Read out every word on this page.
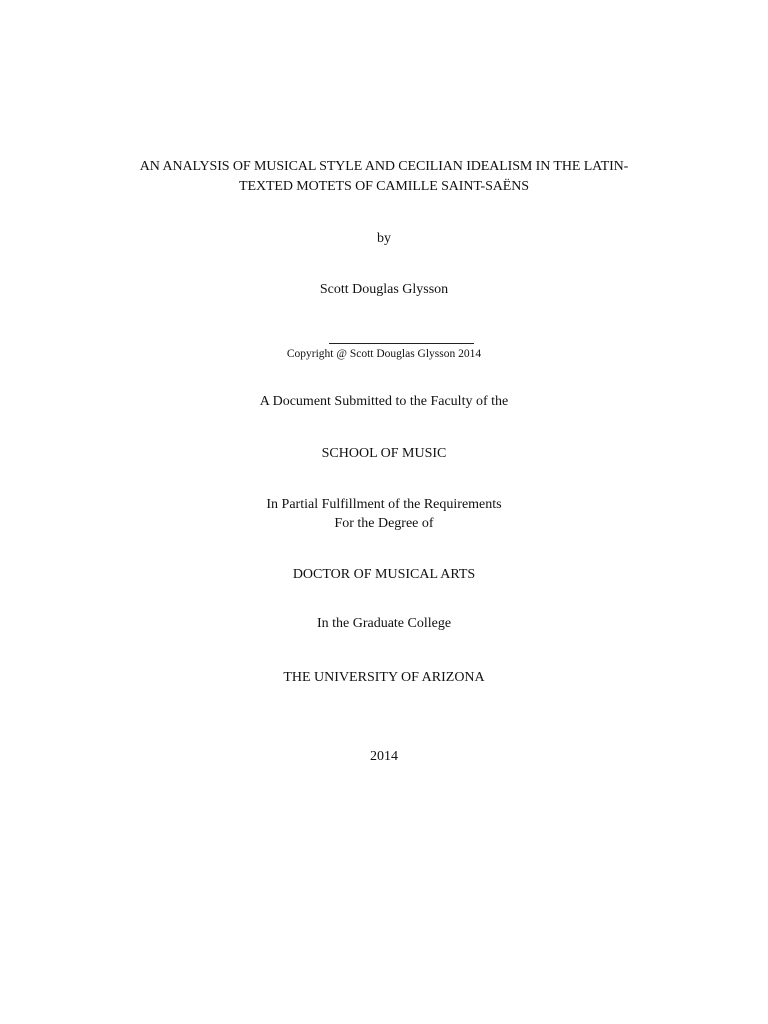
AN ANALYSIS OF MUSICAL STYLE AND CECILIAN IDEALISM IN THE LATIN-
TEXTED MOTETS OF CAMILLE SAINT-SAËNS
by
Scott Douglas Glysson
Copyright @ Scott Douglas Glysson 2014
A Document Submitted to the Faculty of the
SCHOOL OF MUSIC
In Partial Fulfillment of the Requirements
For the Degree of
DOCTOR OF MUSICAL ARTS
In the Graduate College
THE UNIVERSITY OF ARIZONA
2014
